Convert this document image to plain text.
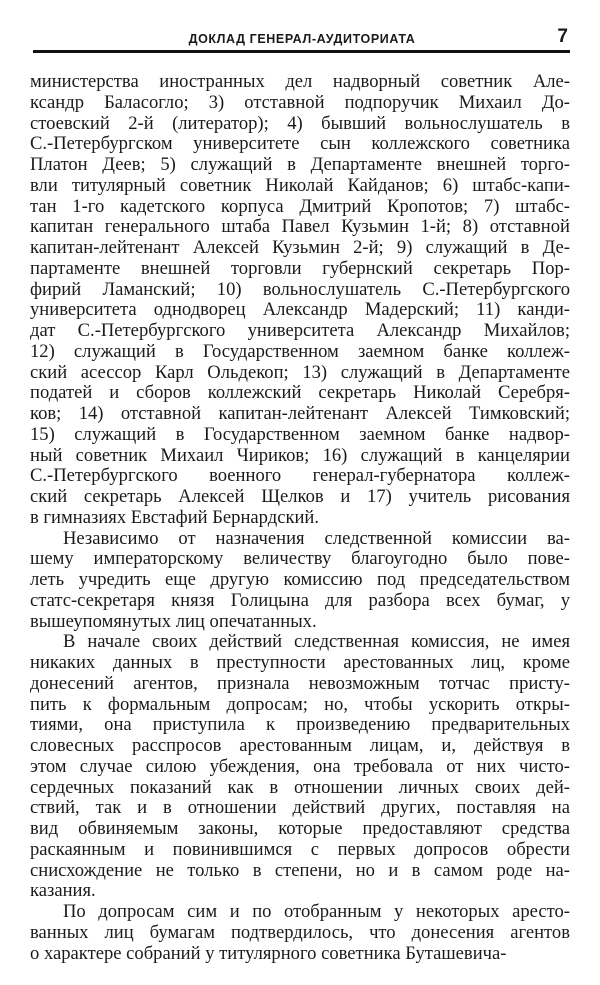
ДОКЛАД ГЕНЕРАЛ-АУДИТОРИАТА	7
министерства иностранных дел надворный советник Але-
ксандр Баласогло; 3) отставной подпоручик Михаил До-
стоевский 2-й (литератор); 4) бывший вольнослушатель в
С.-Петербургском университете сын коллежского советника
Платон Деев; 5) служащий в Департаменте внешней торго-
вли титулярный советник Николай Кайданов; 6) штабс-капи-
тан 1-го кадетского корпуса Дмитрий Кропотов; 7) штабс-
капитан генерального штаба Павел Кузьмин 1-й; 8) отставной
капитан-лейтенант Алексей Кузьмин 2-й; 9) служащий в Де-
партаменте внешней торговли губернский секретарь Пор-
фирий Ламанский; 10) вольнослушатель С.-Петербургского
университета однодворец Александр Мадерский; 11) канди-
дат С.-Петербургского университета Александр Михайлов;
12) служащий в Государственном заемном банке коллеж-
ский асессор Карл Ольдекоп; 13) служащий в Департаменте
податей и сборов коллежский секретарь Николай Серебря-
ков; 14) отставной капитан-лейтенант Алексей Тимковский;
15) служащий в Государственном заемном банке надвор-
ный советник Михаил Чириков; 16) служащий в канцелярии
С.-Петербургского военного генерал-губернатора коллеж-
ский секретарь Алексей Щелков и 17) учитель рисования
в гимназиях Евстафий Бернардский.
Независимо от назначения следственной комиссии ва-
шему императорскому величеству благоугодно было пове-
леть учредить еще другую комиссию под председательством
статс-секретаря князя Голицына для разбора всех бумаг, у
вышеупомянутых лиц опечатанных.
В начале своих действий следственная комиссия, не имея
никаких данных в преступности арестованных лиц, кроме
донесений агентов, признала невозможным тотчас присту-
пить к формальным допросам; но, чтобы ускорить откры-
тиями, она приступила к произведению предварительных
словесных расспросов арестованным лицам, и, действуя в
этом случае силою убеждения, она требовала от них чисто-
сердечных показаний как в отношении личных своих дей-
ствий, так и в отношении действий других, поставляя на
вид обвиняемым законы, которые предоставляют средства
раскаянным и повинившимся с первых допросов обрести
снисхождение не только в степени, но и в самом роде на-
казания.
По допросам сим и по отобранным у некоторых аресто-
ванных лиц бумагам подтвердилось, что донесения агентов
о характере собраний у титулярного советника Буташевича-
